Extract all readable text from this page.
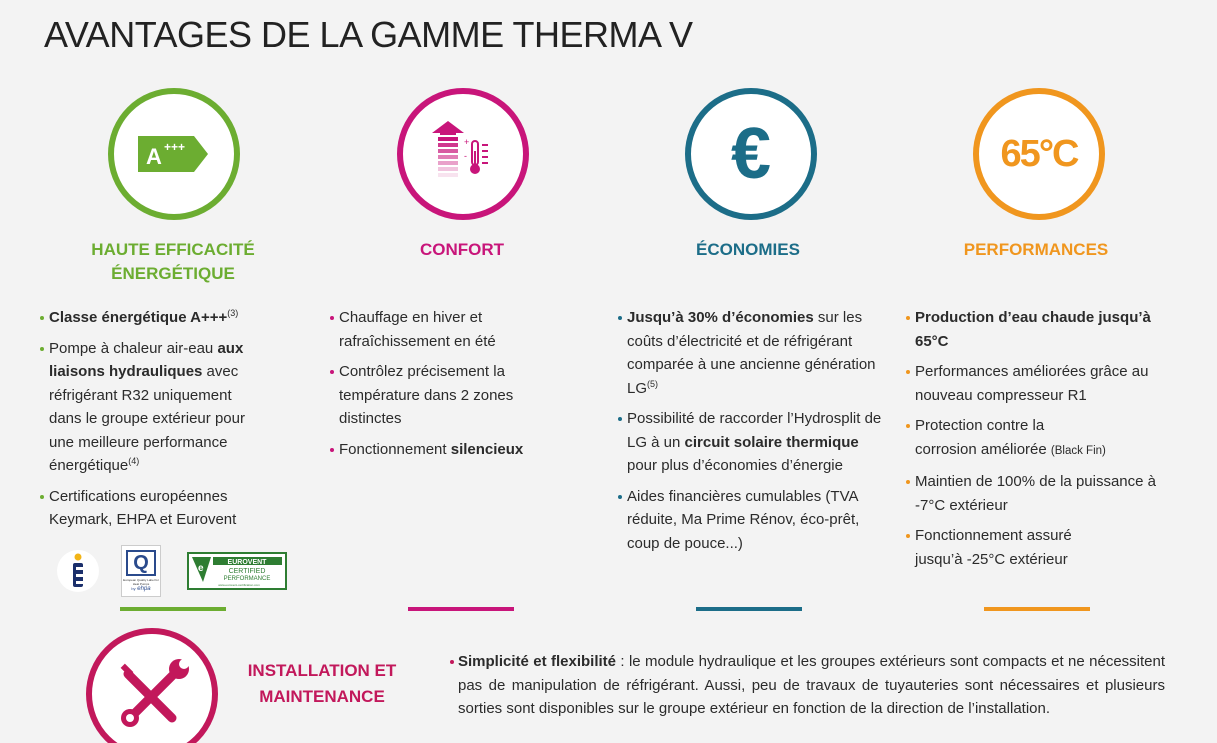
AVANTAGES DE LA GAMME THERMA V
A +++
HAUTE EFFICACITÉ
ÉNERGÉTIQUE
Classe énergétique A+++$^{(3)}$
Pompe à chaleur air-eau aux liaisons hydrauliques avec réfrigérant R32 uniquement dans le groupe extérieur pour une meilleure performance énergétique$^{(4)}$
Certifications européennes Keymark, EHPA et Eurovent
+
-
CONFORT
Chauffage en hiver et rafraîchissement en été
Contrôlez précisement la température dans 2 zones distinctes
Fonctionnement silencieux
€
ÉCONOMIES
Jusqu’à 30% d’économies sur les coûts d’électricité et de réfrigérant comparée à une ancienne génération LG$^{(5)}$
Possibilité de raccorder l’Hydrosplit de LG à un circuit solaire thermique pour plus d’économies d’énergie
Aides financières cumulables (TVA réduite, Ma Prime Rénov, éco-prêt, coup de pouce...)
65°C
PERFORMANCES
Production d’eau chaude jusqu’à 65°C
Performances améliorées grâce au nouveau compresseur R1
Protection contre la corrosion améliorée (Black Fin)
Maintien de 100% de la puissance à -7°C extérieur
Fonctionnement assuré jusqu’à -25°C extérieur
Q
European Quality Label for Heat Pumps
by ehpa
e
EUROVENT
CERTIFIED
PERFORMANCE
www.eurovent-certification.com
INSTALLATION ET
MAINTENANCE
Simplicité et flexibilité : le module hydraulique et les groupes extérieurs sont compacts et ne nécessitent pas de manipulation de réfrigérant. Aussi, peu de travaux de tuyauteries sont nécessaires et plusieurs sorties sont disponibles sur le groupe extérieur en fonction de la direction de l’installation.
